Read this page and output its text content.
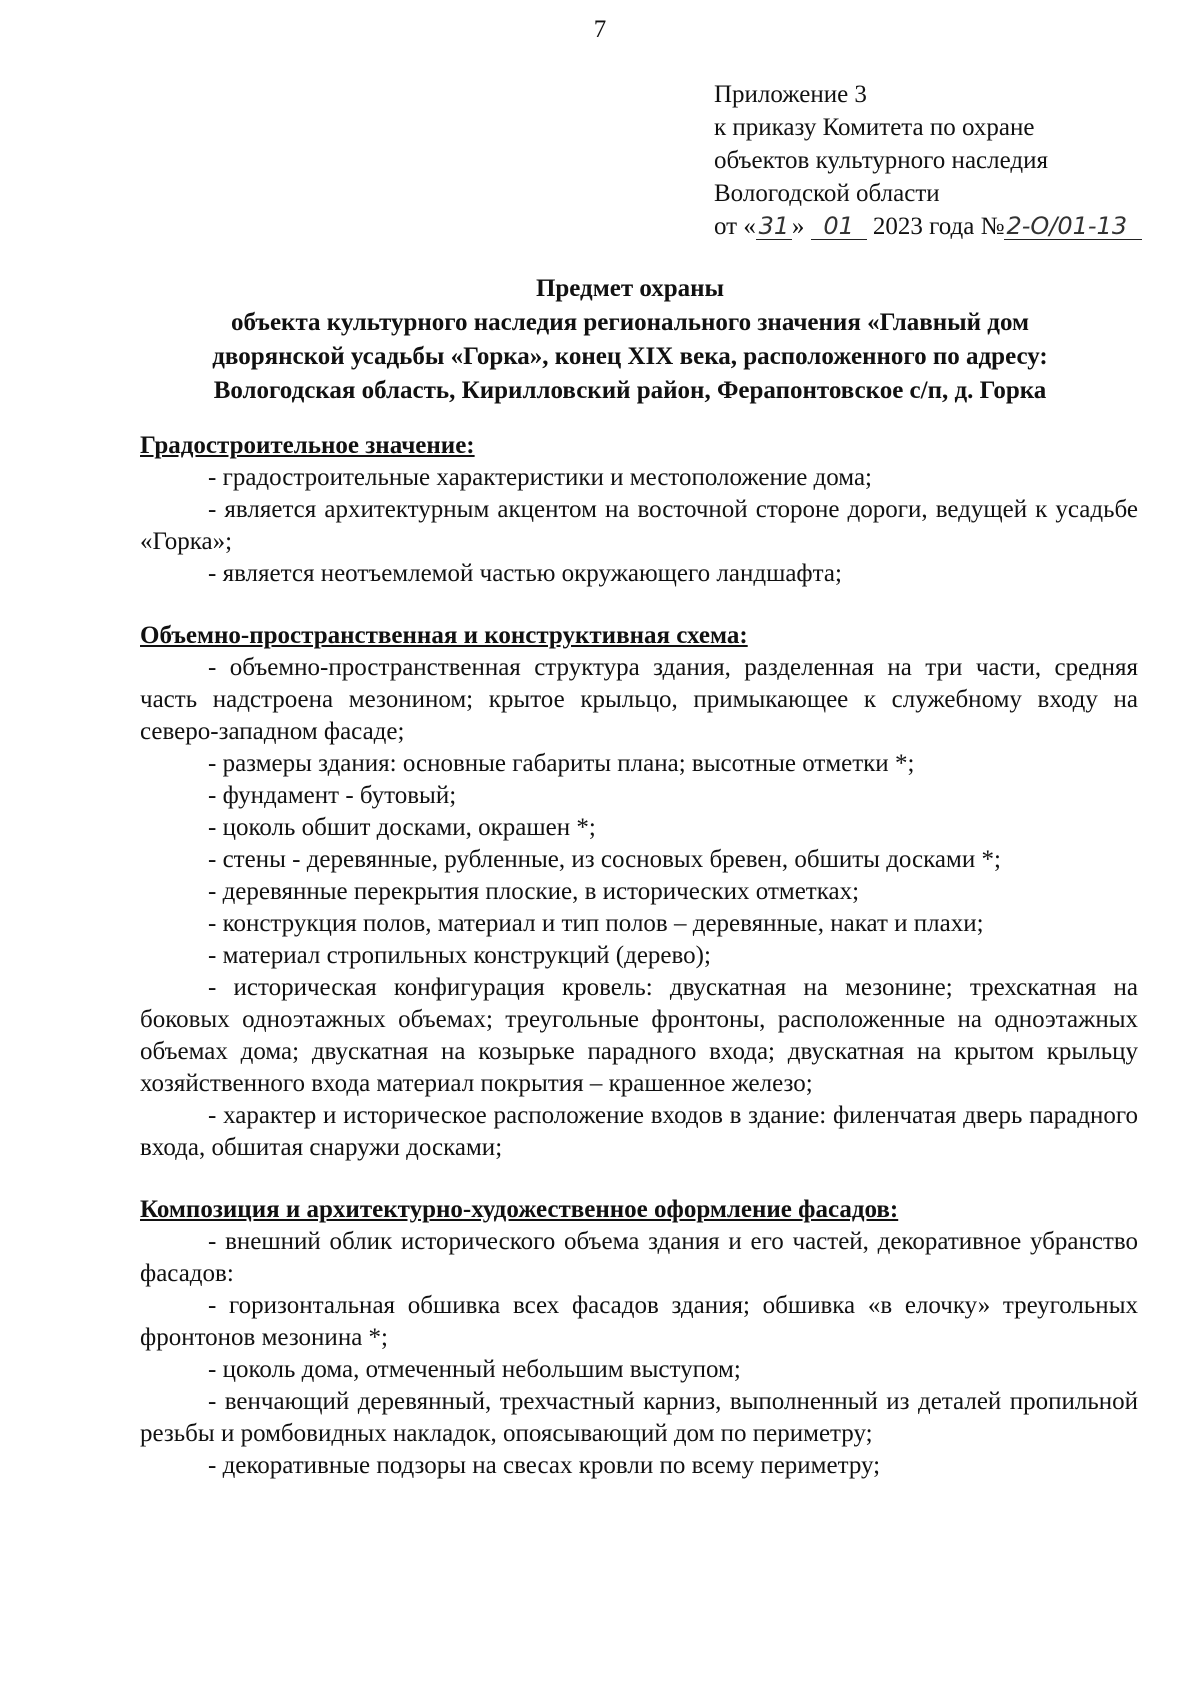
7
Приложение 3
к приказу Комитета по охране
объектов культурного наследия
Вологодской области
от « 31 » 01 2023 года №2-О/01-13
Предмет охраны
объекта культурного наследия регионального значения «Главный дом
дворянской усадьбы «Горка», конец XIX века, расположенного по адресу:
Вологодская область, Кирилловский район, Ферапонтовское с/п, д. Горка
Градостроительное значение:

- градостроительные характеристики и местоположение дома;

- является архитектурным акцентом на восточной стороне дороги, ведущей к усадьбе «Горка»;

- является неотъемлемой частью окружающего ландшафта;

Объемно-пространственная и конструктивная схема:

- объемно-пространственная структура здания, разделенная на три части, средняя часть надстроена мезонином; крытое крыльцо, примыкающее к служебному входу на северо-западном фасаде;

- размеры здания: основные габариты плана; высотные отметки *;

- фундамент - бутовый;

- цоколь обшит досками, окрашен *;

- стены - деревянные, рубленные, из сосновых бревен, обшиты досками *;

- деревянные перекрытия плоские, в исторических отметках;

- конструкция полов, материал и тип полов – деревянные, накат и плахи;

- материал стропильных конструкций (дерево);

- историческая конфигурация кровель: двускатная на мезонине; трехскатная на боковых одноэтажных объемах; треугольные фронтоны, расположенные на одноэтажных объемах дома; двускатная на козырьке парадного входа; двускатная на крытом крыльцу хозяйственного входа материал покрытия – крашенное железо;

- характер и историческое расположение входов в здание: филенчатая дверь парадного входа, обшитая снаружи досками;

Композиция и архитектурно-художественное оформление фасадов:

- внешний облик исторического объема здания и его частей, декоративное убранство фасадов:

- горизонтальная обшивка всех фасадов здания; обшивка «в елочку» треугольных фронтонов мезонина *;

- цоколь дома, отмеченный небольшим выступом;

- венчающий деревянный, трехчастный карниз, выполненный из деталей пропильной резьбы и ромбовидных накладок, опоясывающий дом по периметру;

- декоративные подзоры на свесах кровли по всему периметру;
